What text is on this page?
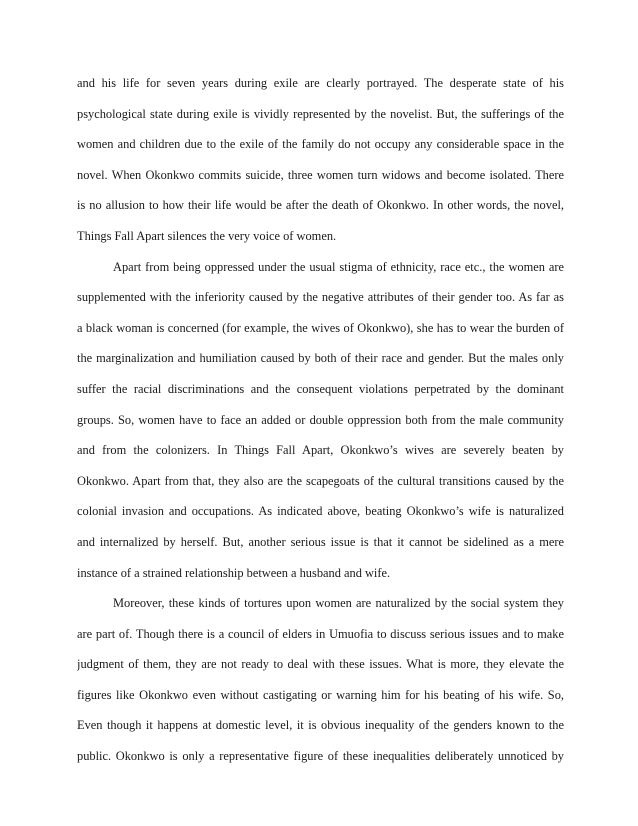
and his life for seven years during exile are clearly portrayed. The desperate state of his
psychological state during exile is vividly represented by the novelist. But, the sufferings of the
women and children due to the exile of the family do not occupy any considerable space in the
novel. When Okonkwo commits suicide, three women turn widows and become isolated. There
is no allusion to how their life would be after the death of Okonkwo. In other words, the novel,
Things Fall Apart silences the very voice of women.
Apart from being oppressed under the usual stigma of ethnicity, race etc., the women are
supplemented with the inferiority caused by the negative attributes of their gender too. As far as
a black woman is concerned (for example, the wives of Okonkwo), she has to wear the burden of
the marginalization and humiliation caused by both of their race and gender. But the males only
suffer the racial discriminations and the consequent violations perpetrated by the dominant
groups. So, women have to face an added or double oppression both from the male community
and from the colonizers. In Things Fall Apart, Okonkwo’s wives are severely beaten by
Okonkwo. Apart from that, they also are the scapegoats of the cultural transitions caused by the
colonial invasion and occupations. As indicated above, beating Okonkwo’s wife is naturalized
and internalized by herself. But, another serious issue is that it cannot be sidelined as a mere
instance of a strained relationship between a husband and wife.
Moreover, these kinds of tortures upon women are naturalized by the social system they
are part of. Though there is a council of elders in Umuofia to discuss serious issues and to make
judgment of them, they are not ready to deal with these issues. What is more, they elevate the
figures like Okonkwo even without castigating or warning him for his beating of his wife. So,
Even though it happens at domestic level, it is obvious inequality of the genders known to the
public. Okonkwo is only a representative figure of these inequalities deliberately unnoticed by
